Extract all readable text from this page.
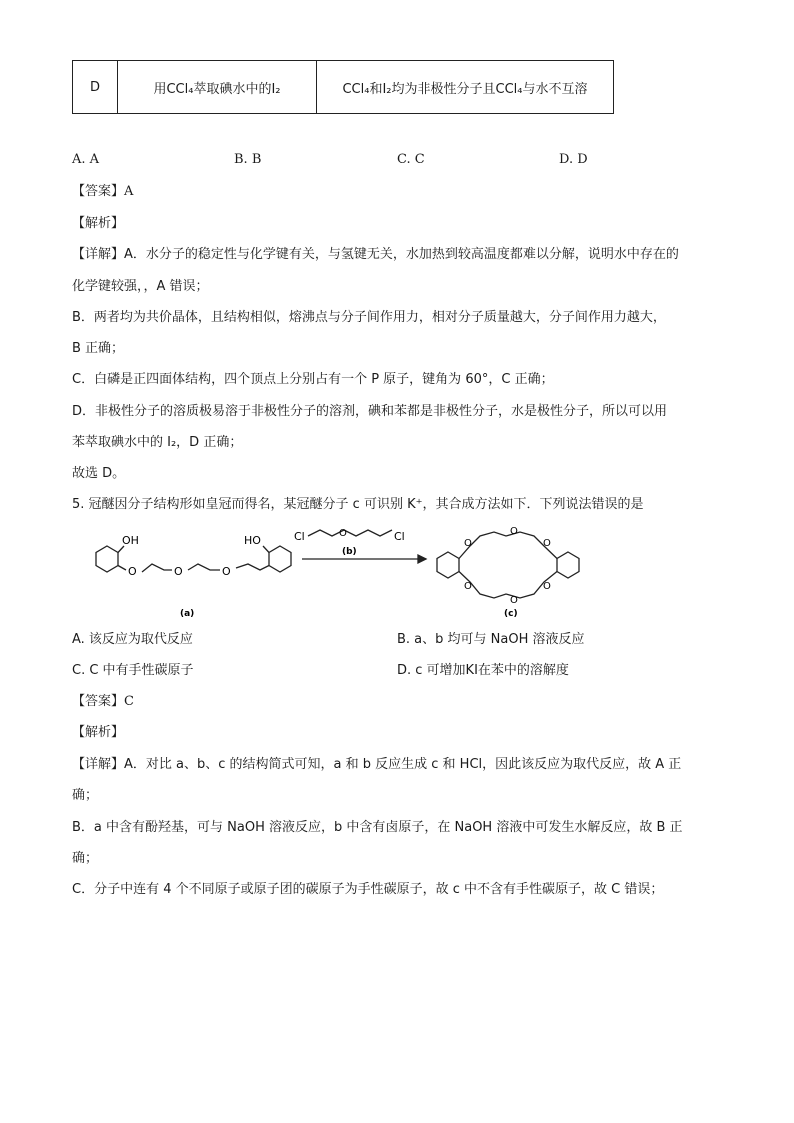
D	用CCl₄萃取碘水中的I₂	CCl₄和I₂均为非极性分子且CCl₄与水不互溶
A. A	B. B	C. C	D. D
【答案】A
【解析】
【详解】A．水分子的稳定性与化学键有关，与氢键无关，水加热到较高温度都难以分解，说明水中存在的
化学键较强，，A 错误；
B．两者均为共价晶体，且结构相似，熔沸点与分子间作用力，相对分子质量越大，分子间作用力越大，
B 正确；
C．白磷是正四面体结构，四个顶点上分别占有一个 P 原子，键角为 60°，C 正确；
D．非极性分子的溶质极易溶于非极性分子的溶剂，碘和苯都是非极性分子，水是极性分子，所以可以用
苯萃取碘水中的 I₂，D 正确；
故选 D。
5. 冠醚因分子结构形如皇冠而得名，某冠醚分子 c 可识别 K⁺，其合成方法如下．下列说法错误的是
OH
O	O	O
HO	Cl	O	Cl
(b)
O
O
O
O
O
O
(a)	(c)
A. 该反应为取代反应	B. a、b 均可与 NaOH 溶液反应
C. C 中有手性碳原子	D. c 可增加KI在苯中的溶解度
【答案】C
【解析】
【详解】A．对比 a、b、c 的结构简式可知，a 和 b 反应生成 c 和 HCl，因此该反应为取代反应，故 A 正
确；
B．a 中含有酚羟基，可与 NaOH 溶液反应，b 中含有卤原子，在 NaOH 溶液中可发生水解反应，故 B 正
确；
C．分子中连有 4 个不同原子或原子团的碳原子为手性碳原子，故 c 中不含有手性碳原子，故 C 错误；
